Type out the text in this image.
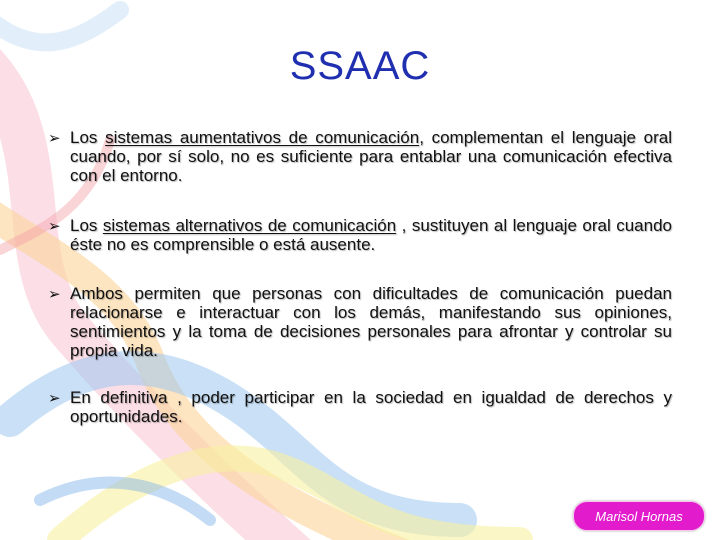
SSAAC
➢ Los sistemas aumentativos de comunicación, complementan el lenguaje oral cuando, por sí solo, no es suficiente para entablar una comunicación efectiva con el entorno.
➢ Los sistemas alternativos de comunicación , sustituyen al lenguaje oral cuando éste no es comprensible o está ausente.
➢ Ambos permiten que personas con dificultades de comunicación puedan relacionarse e interactuar con los demás, manifestando sus opiniones, sentimientos y la toma de decisiones personales para afrontar y controlar su propia vida.
➢ En definitiva , poder participar en la sociedad en igualdad de derechos y oportunidades.
Marisol Hornas
